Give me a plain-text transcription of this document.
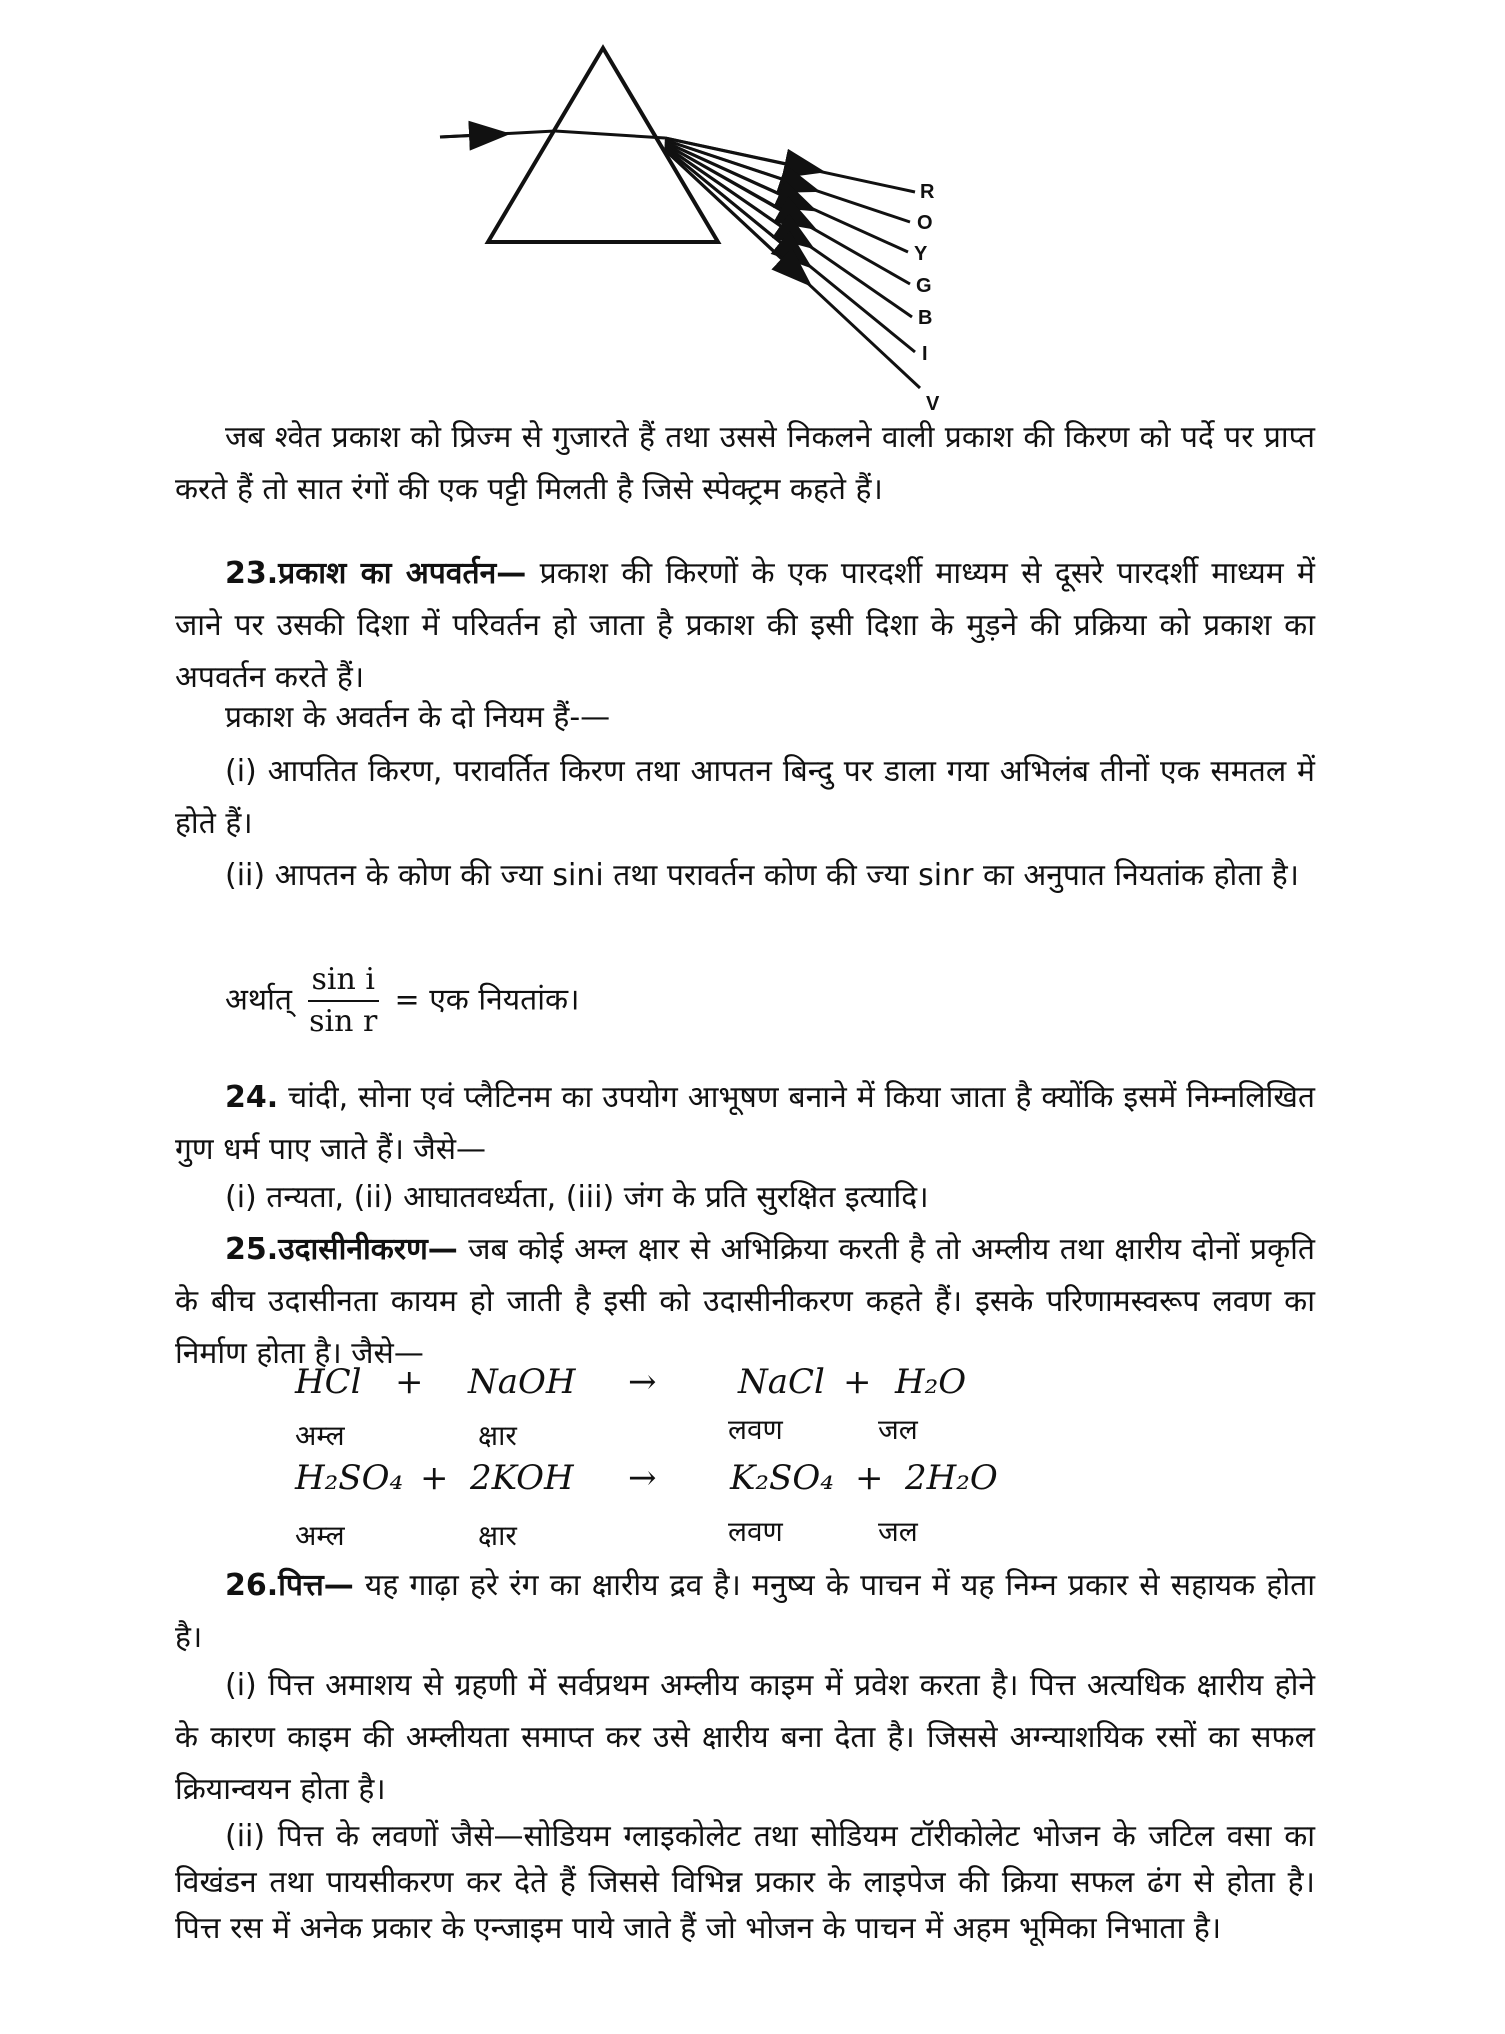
R
O
Y
G
B
I
V

जब श्वेत प्रकाश को प्रिज्म से गुजारते हैं तथा उससे निकलने वाली प्रकाश की किरण को पर्दे पर प्राप्त करते हैं तो सात रंगों की एक पट्टी मिलती है जिसे स्पेक्ट्रम कहते हैं।

23.प्रकाश का अपवर्तन— प्रकाश की किरणों के एक पारदर्शी माध्यम से दूसरे पारदर्शी माध्यम में जाने पर उसकी दिशा में परिवर्तन हो जाता है प्रकाश की इसी दिशा के मुड़ने की प्रक्रिया को प्रकाश का अपवर्तन करते हैं।

प्रकाश के अवर्तन के दो नियम हैं-—

(i) आपतित किरण, परावर्तित किरण तथा आपतन बिन्दु पर डाला गया अभिलंब तीनों एक समतल में होते हैं।

(ii) आपतन के कोण की ज्या sini तथा परावर्तन कोण की ज्या sinr का अनुपात नियतांक होता है।

अर्थात् $\frac{\text{sin i}}{\text{sin r}}$ = एक नियतांक।

24. चांदी, सोना एवं प्लैटिनम का उपयोग आभूषण बनाने में किया जाता है क्योंकि इसमें निम्नलिखित गुण धर्म पाए जाते हैं। जैसे—

(i) तन्यता, (ii) आघातवर्ध्यता, (iii) जंग के प्रति सुरक्षित इत्यादि।

25.उदासीनीकरण— जब कोई अम्ल क्षार से अभिक्रिया करती है तो अम्लीय तथा क्षारीय दोनों प्रकृति के बीच उदासीनता कायम हो जाती है इसी को उदासीनीकरण कहते हैं। इसके परिणामस्वरूप लवण का निर्माण होता है। जैसे—

HCl + NaOH → NaCl + H₂O
अम्ल	क्षार	लवण	जल
H₂SO₄ + 2KOH → K₂SO₄ + 2H₂O
अम्ल	क्षार	लवण	जल

26.पित्त— यह गाढ़ा हरे रंग का क्षारीय द्रव है। मनुष्य के पाचन में यह निम्न प्रकार से सहायक होता है।

(i) पित्त अमाशय से ग्रहणी में सर्वप्रथम अम्लीय काइम में प्रवेश करता है। पित्त अत्यधिक क्षारीय होने के कारण काइम की अम्लीयता समाप्त कर उसे क्षारीय बना देता है। जिससे अग्न्याशयिक रसों का सफल क्रियान्वयन होता है।

(ii) पित्त के लवणों जैसे—सोडियम ग्लाइकोलेट तथा सोडियम टॉरीकोलेट भोजन के जटिल वसा का विखंडन तथा पायसीकरण कर देते हैं जिससे विभिन्न प्रकार के लाइपेज की क्रिया सफल ढंग से होता है। पित्त रस में अनेक प्रकार के एन्जाइम पाये जाते हैं जो भोजन के पाचन में अहम भूमिका निभाता है।
